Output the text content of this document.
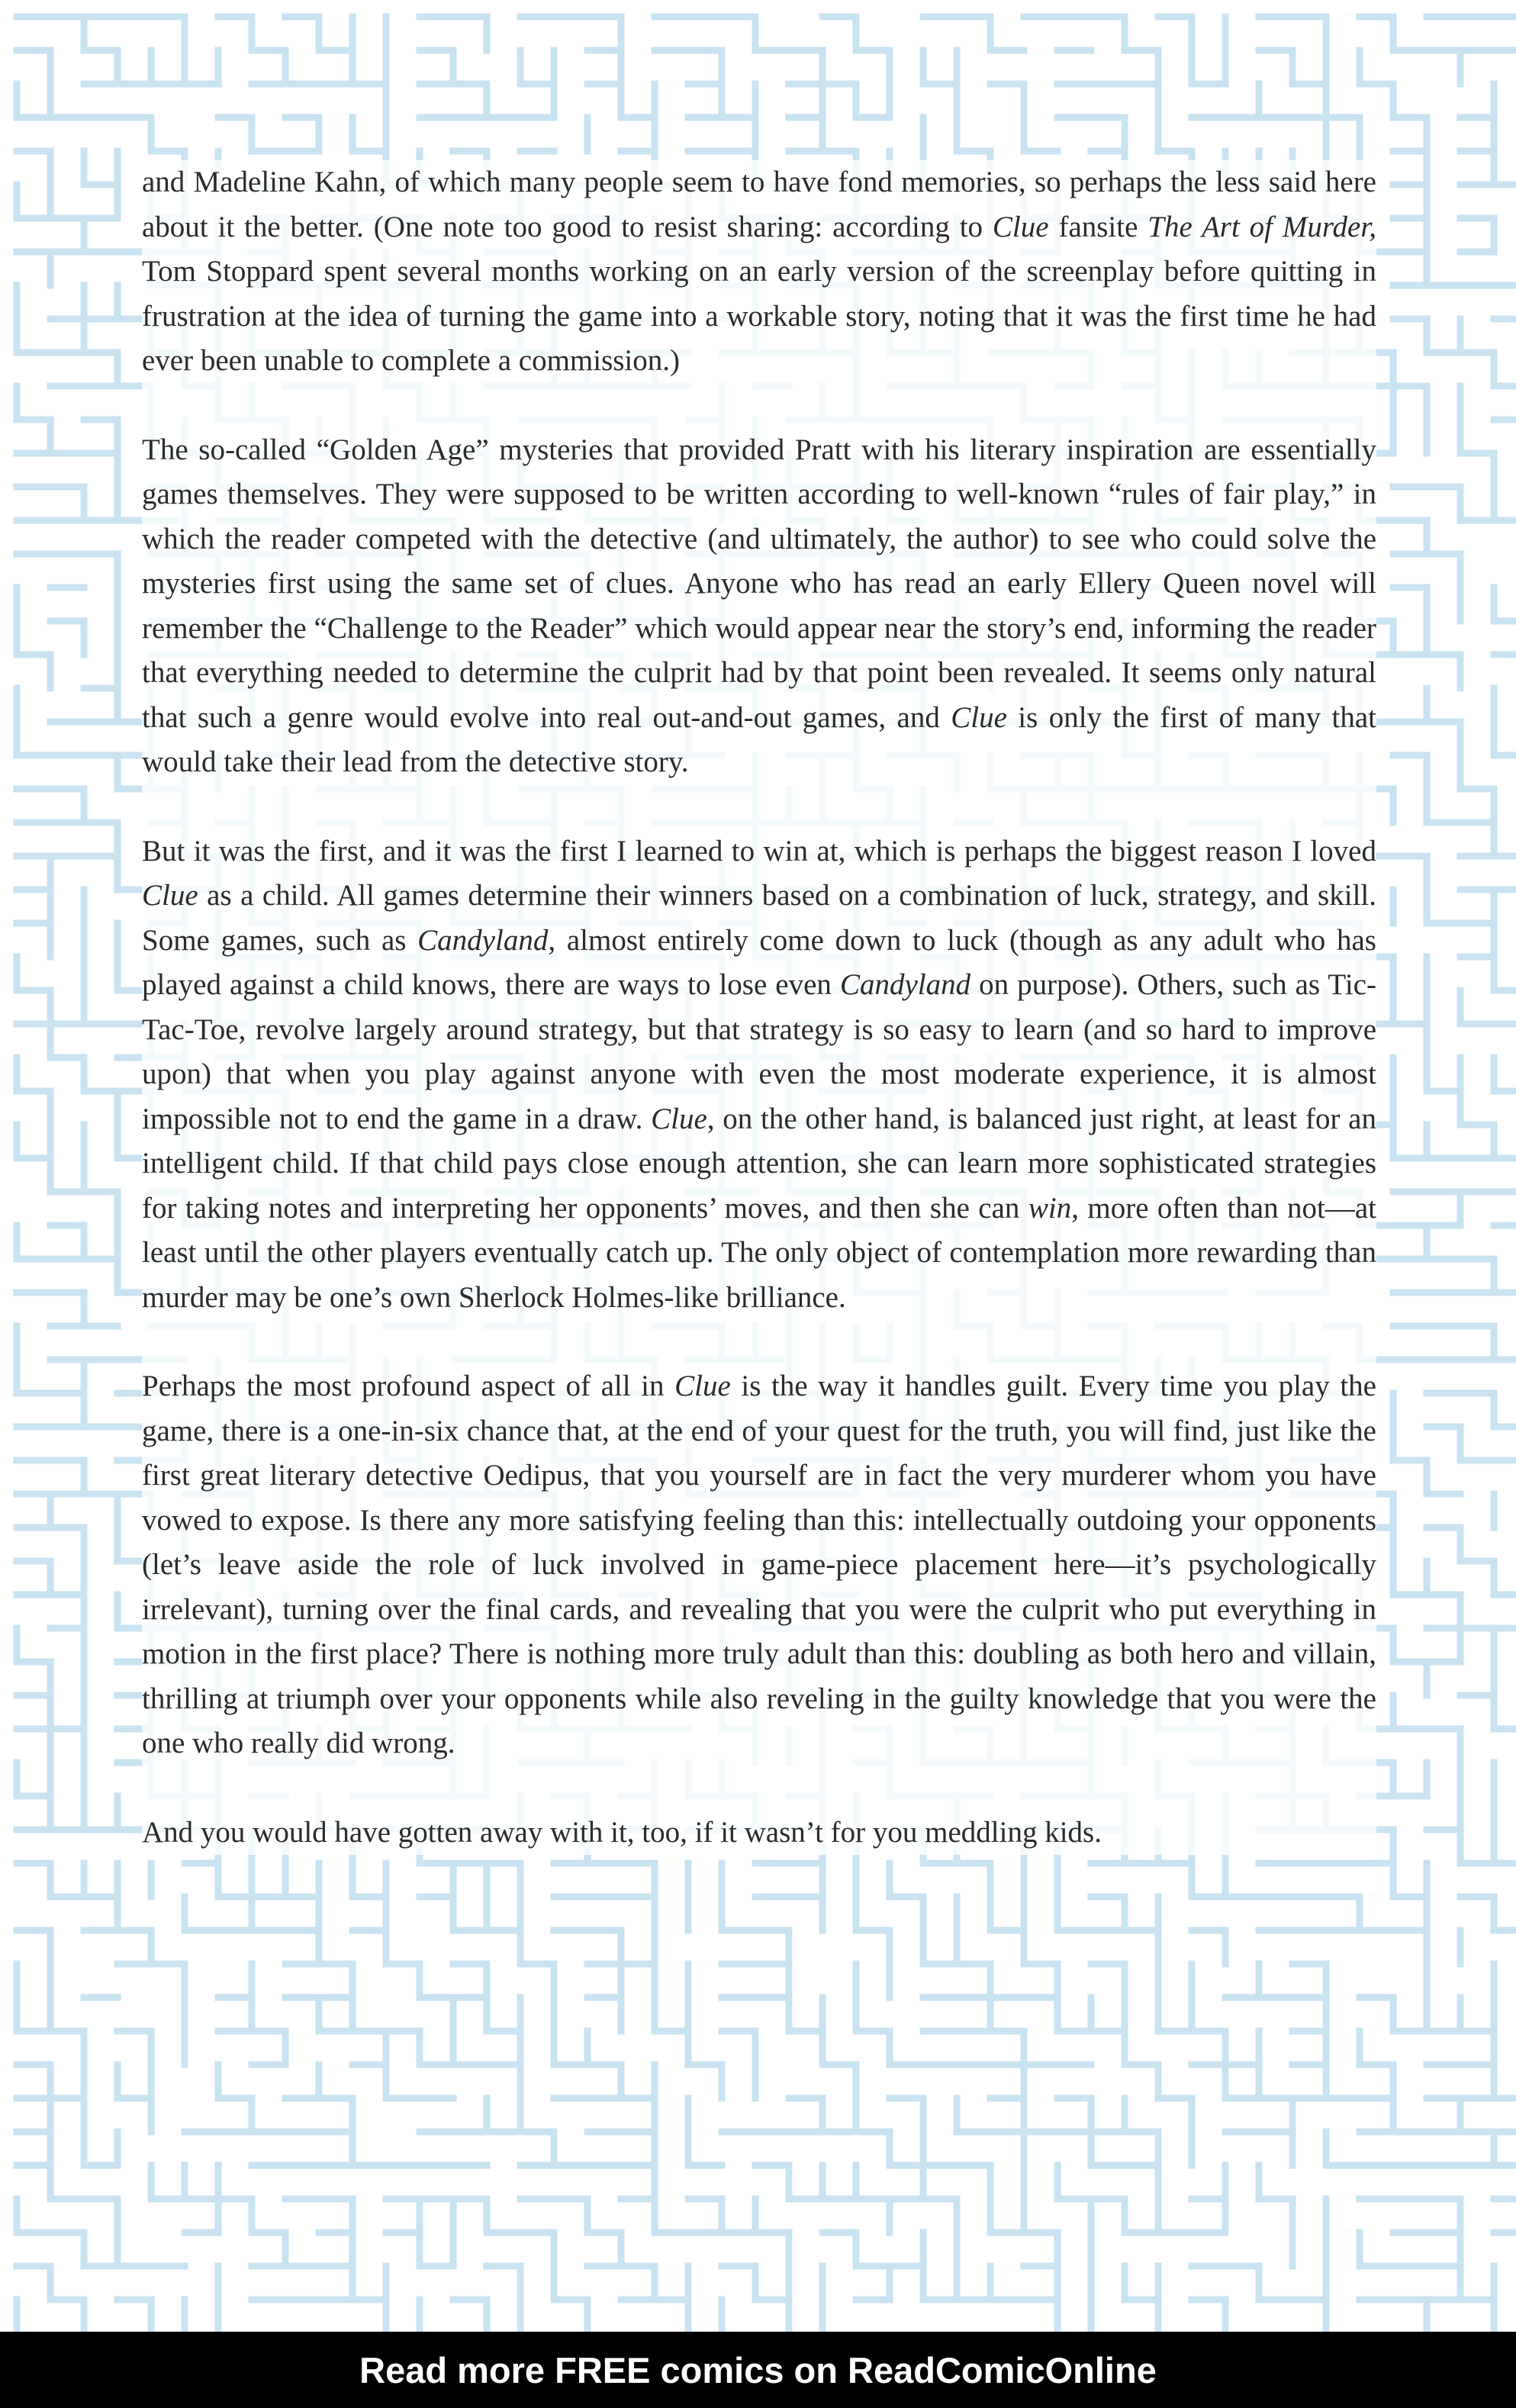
and Madeline Kahn, of which many people seem to have fond memories, so perhaps the less said here about it the better. (One note too good to resist sharing: according to Clue fansite The Art of Murder, Tom Stoppard spent several months working on an early version of the screenplay before quitting in frustration at the idea of turning the game into a workable story, noting that it was the first time he had ever been unable to complete a commission.)

The so-called “Golden Age” mysteries that provided Pratt with his literary inspiration are essentially games themselves. They were supposed to be written according to well-known “rules of fair play,” in which the reader competed with the detective (and ultimately, the author) to see who could solve the mysteries first using the same set of clues. Anyone who has read an early Ellery Queen novel will remember the “Challenge to the Reader” which would appear near the story’s end, informing the reader that everything needed to determine the culprit had by that point been revealed. It seems only natural that such a genre would evolve into real out-and-out games, and Clue is only the first of many that would take their lead from the detective story.

But it was the first, and it was the first I learned to win at, which is perhaps the biggest reason I loved Clue as a child. All games determine their winners based on a combination of luck, strategy, and skill. Some games, such as Candyland, almost entirely come down to luck (though as any adult who has played against a child knows, there are ways to lose even Candyland on purpose). Others, such as Tic-Tac-Toe, revolve largely around strategy, but that strategy is so easy to learn (and so hard to improve upon) that when you play against anyone with even the most moderate experience, it is almost impossible not to end the game in a draw. Clue, on the other hand, is balanced just right, at least for an intelligent child. If that child pays close enough attention, she can learn more sophisticated strategies for taking notes and interpreting her opponents’ moves, and then she can win, more often than not—at least until the other players eventually catch up. The only object of contemplation more rewarding than murder may be one’s own Sherlock Holmes-like brilliance.

Perhaps the most profound aspect of all in Clue is the way it handles guilt. Every time you play the game, there is a one-in-six chance that, at the end of your quest for the truth, you will find, just like the first great literary detective Oedipus, that you yourself are in fact the very murderer whom you have vowed to expose. Is there any more satisfying feeling than this: intellectually outdoing your opponents (let’s leave aside the role of luck involved in game-piece placement here—it’s psychologically irrelevant), turning over the final cards, and revealing that you were the culprit who put everything in motion in the first place? There is nothing more truly adult than this: doubling as both hero and villain, thrilling at triumph over your opponents while also reveling in the guilty knowledge that you were the one who really did wrong.

And you would have gotten away with it, too, if it wasn’t for you meddling kids.

Read more FREE comics on ReadComicOnline
